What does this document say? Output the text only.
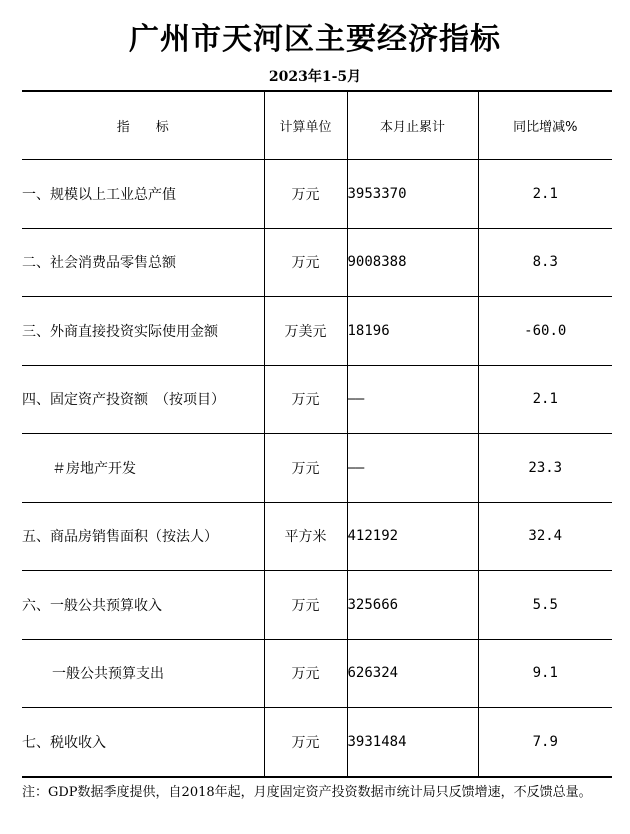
广州市天河区主要经济指标
2023年1-5月
指　　标	计算单位	本月止累计	同比增减%
一、规模以上工业总产值	万元	3953370	2.1
二、社会消费品零售总额	万元	9008388	8.3
三、外商直接投资实际使用金额	万美元	18196	-60.0
四、固定资产投资额　（按项目）	万元	——	2.1
＃房地产开发	万元	——	23.3
五、商品房销售面积（按法人）	平方米	412192	32.4
六、一般公共预算收入	万元	325666	5.5
一般公共预算支出	万元	626324	9.1
七、税收收入	万元	3931484	7.9
注：GDP数据季度提供，自2018年起，月度固定资产投资数据市统计局只反馈增速，不反馈总量。
